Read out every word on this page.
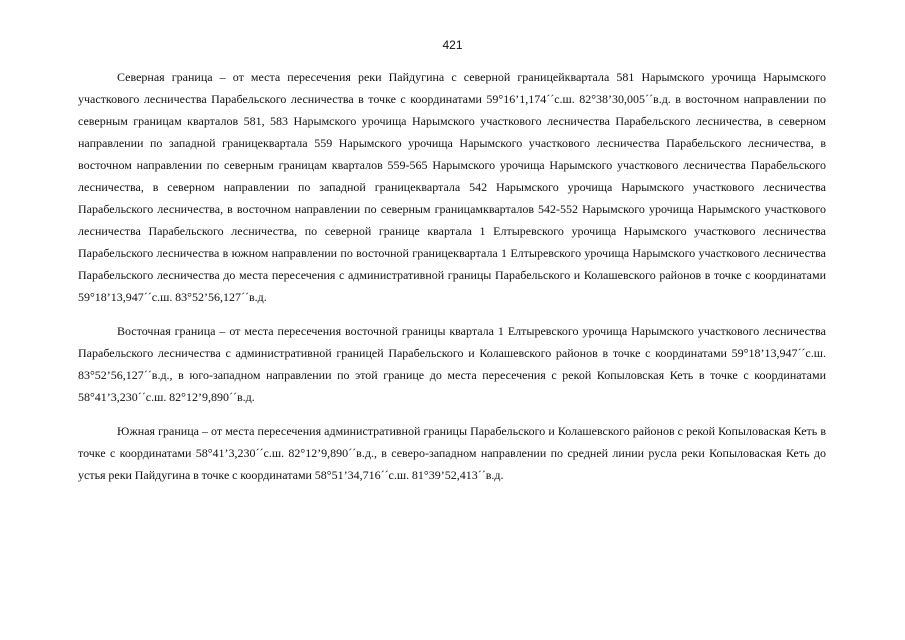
421

Северная граница – от места пересечения реки Пайдугина с северной границейквартала 581 Нарымского урочища Нарымского участкового лесничества Парабельского лесничества в точке с координатами 59°16’1,174´´с.ш. 82°38’30,005´´в.д. в восточном направлении по северным границам кварталов 581, 583 Нарымского урочища Нарымского участкового лесничества Парабельского лесничества, в северном направлении по западной границеквартала 559 Нарымского урочища Нарымского участкового лесничества Парабельского лесничества, в восточном направлении по северным границам кварталов 559-565 Нарымского урочища Нарымского участкового лесничества Парабельского лесничества, в северном направлении по западной границеквартала 542 Нарымского урочища Нарымского участкового лесничества Парабельского лесничества, в восточном направлении по северным границамкварталов 542-552 Нарымского урочища Нарымского участкового лесничества Парабельского лесничества, по северной границе квартала 1 Елтыревского урочища Нарымского участкового лесничества Парабельского лесничества в южном направлении по восточной границеквартала 1 Елтыревского урочища Нарымского участкового лесничества Парабельского лесничества до места пересечения с административной границы Парабельского и Колашевского районов в точке с координатами 59°18’13,947´´с.ш. 83°52’56,127´´в.д.

Восточная граница – от места пересечения восточной границы квартала 1 Елтыревского урочища Нарымского участкового лесничества Парабельского лесничества с административной границей Парабельского и Колашевского районов в точке с координатами 59°18’13,947´´с.ш. 83°52’56,127´´в.д., в юго-западном направлении по этой границе до места пересечения с рекой Копыловская Кеть в точке с координатами 58°41’3,230´´с.ш. 82°12’9,890´´в.д.

Южная граница – от места пересечения административной границы Парабельского и Колашевского районов с рекой Копыловаская Кеть в точке с координатами 58°41’3,230´´с.ш. 82°12’9,890´´в.д., в северо-западном направлении по средней линии русла реки Копыловаская Кеть до устья реки Пайдугина в точке с координатами 58°51’34,716´´с.ш. 81°39’52,413´´в.д.
